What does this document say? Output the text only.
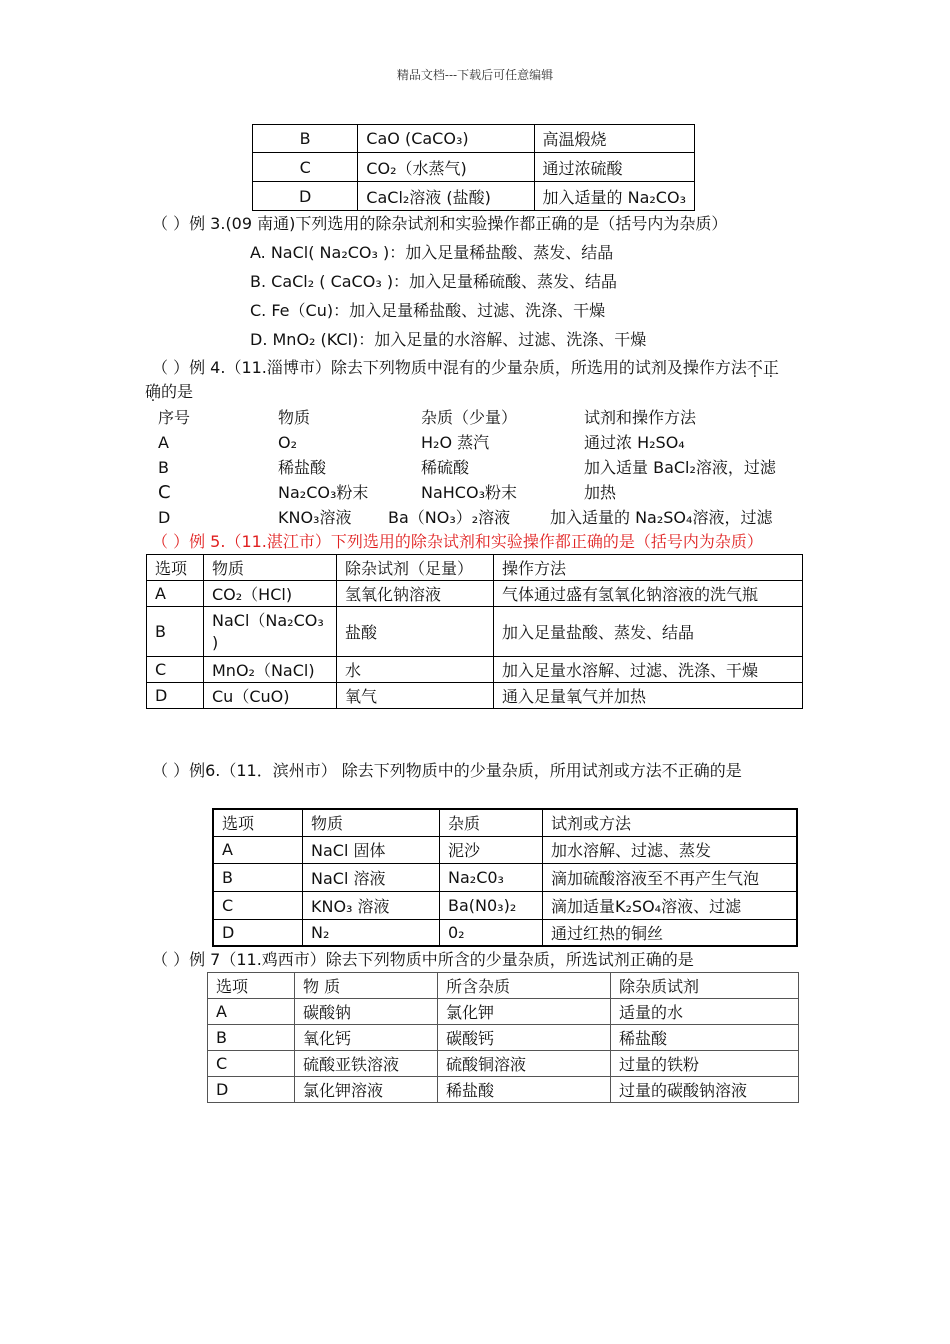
精品文档---下载后可任意编辑
B	CaO (CaCO₃)	高温煅烧
C	CO₂（水蒸气)	通过浓硫酸
D	CaCl₂溶液 (盐酸)	加入适量的 Na₂CO₃
（ ）例 3.(09 南通)下列选用的除杂试剂和实验操作都正确的是（括号内为杂质）
A. NaCl( Na₂CO₃ )：加入足量稀盐酸、蒸发、结晶
B. CaCl₂ ( CaCO₃ )：加入足量稀硫酸、蒸发、结晶
C. Fe（Cu)：加入足量稀盐酸、过滤、洗涤、干燥
D. MnO₂ (KCl)：加入足量的水溶解、过滤、洗涤、干燥
（ ）例 4.（11.淄博市）除去下列物质中混有的少量杂质，所选用的试剂及操作方法不正
确的是
序号	物质	杂质（少量）	试剂和操作方法
A	O₂	H₂O 蒸汽	通过浓 H₂SO₄
B	稀盐酸	稀硫酸	加入适量 BaCl₂溶液，过滤
C	Na₂CO₃粉末	NaHCO₃粉末	加热
D	KNO₃溶液 Ba（NO₃）₂溶液 加入适量的 Na₂SO₄溶液，过滤
（ ）例 5.（11.湛江市）下列选用的除杂试剂和实验操作都正确的是（括号内为杂质）
选项	物质	除杂试剂（足量）	操作方法
A	CO₂（HCl)	氢氧化钠溶液	气体通过盛有氢氧化钠溶液的洗气瓶
B	NaCl（Na₂CO₃
)	盐酸	加入足量盐酸、蒸发、结晶
C	MnO₂（NaCl)	水	加入足量水溶解、过滤、洗涤、干燥
D	Cu（CuO)	氧气	通入足量氧气并加热
（ ）例6.（11．滨州市） 除去下列物质中的少量杂质，所用试剂或方法不正确的是
选项	物质	杂质	试剂或方法
A	NaCl 固体	泥沙	加水溶解、过滤、蒸发
B	NaCl 溶液	Na₂C0₃	滴加硫酸溶液至不再产生气泡
C	KNO₃ 溶液	Ba(N0₃)₂	滴加适量K₂SO₄溶液、过滤
D	N₂	0₂	通过红热的铜丝
（ ）例 7（11.鸡西市）除去下列物质中所含的少量杂质，所选试剂正确的是
选项	物 质	所含杂质	除杂质试剂
A	碳酸钠	氯化钾	适量的水
B	氧化钙	碳酸钙	稀盐酸
C	硫酸亚铁溶液	硫酸铜溶液	过量的铁粉
D	氯化钾溶液	稀盐酸	过量的碳酸钠溶液
